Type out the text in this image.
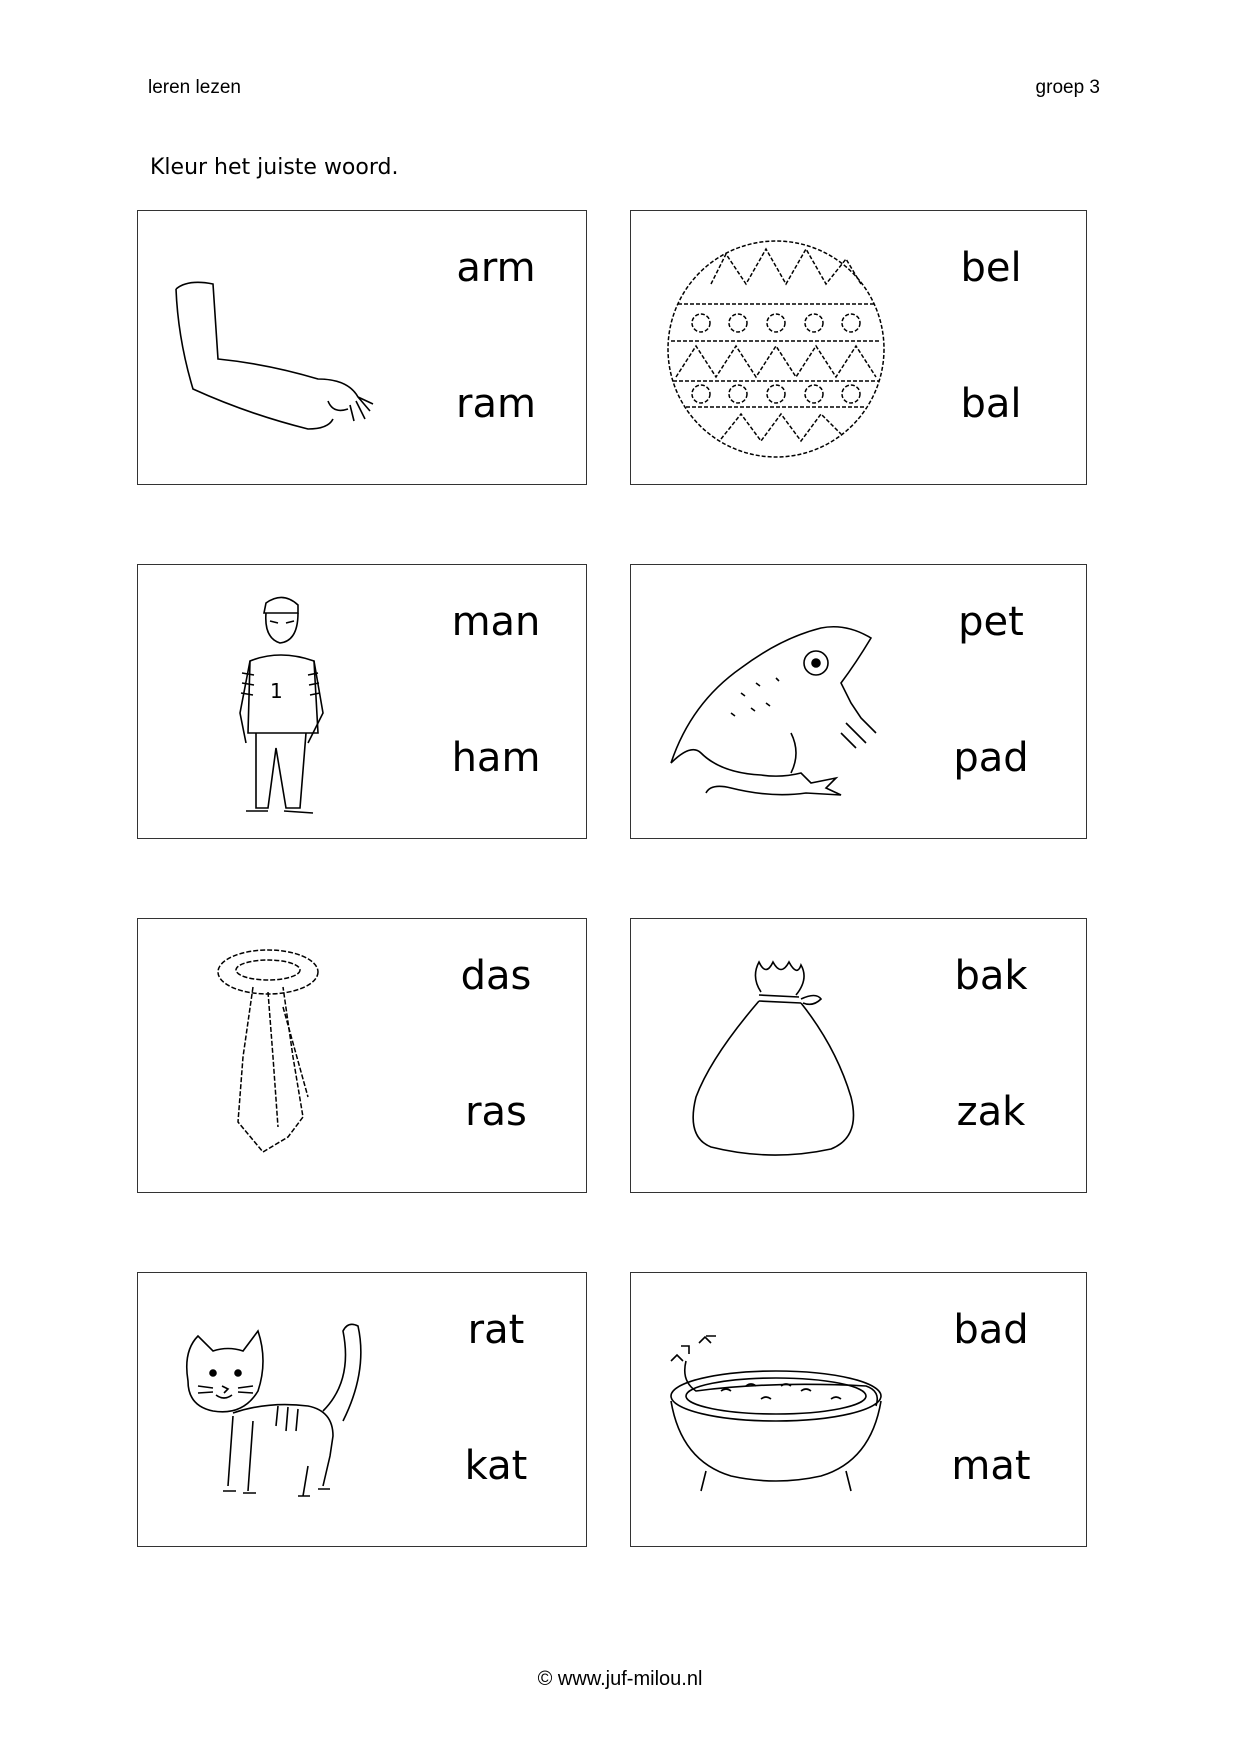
leren lezen	groep 3
Kleur het juiste woord.
arm
ram
bel
bal
1
man
ham
pet
pad
das
ras
bak
zak
rat
kat
bad
mat
© www.juf-milou.nl
